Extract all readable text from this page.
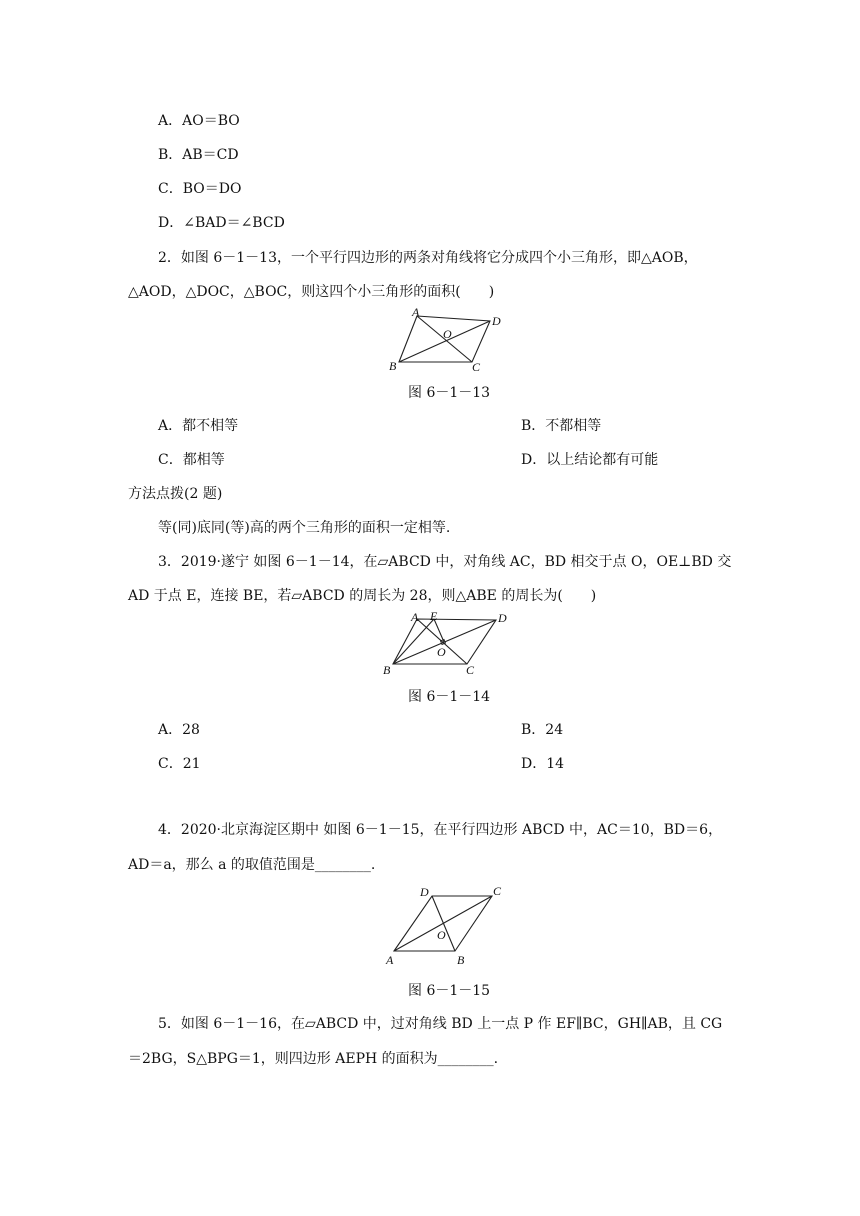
A．AO＝BO
B．AB＝CD
C．BO＝DO
D．∠BAD＝∠BCD
2．如图 6－1－13，一个平行四边形的两条对角线将它分成四个小三角形，即△AOB，
△AOD，△DOC，△BOC，则这四个小三角形的面积(　　)
A
D
B	C
O
图 6－1－13
A．都不相等	B．不都相等
C．都相等	D．以上结论都有可能
方法点拨(2 题)
等(同)底同(等)高的两个三角形的面积一定相等.
3．2019·遂宁 如图 6－1－14，在▱ABCD 中，对角线 AC，BD 相交于点 O，OE⊥BD 交
AD 于点 E，连接 BE，若▱ABCD 的周长为 28，则△ABE 的周长为(　　)
A E	D
B	C
O
图 6－1－14
A．28	B．24
C．21	D．14
4．2020·北京海淀区期中 如图 6－1－15，在平行四边形 ABCD 中，AC＝10，BD＝6，
AD＝a，那么 a 的取值范围是________.
D	C
A	B
O
图 6－1－15
5．如图 6－1－16，在▱ABCD 中，过对角线 BD 上一点 P 作 EF∥BC，GH∥AB，且 CG
＝2BG，S△BPG＝1，则四边形 AEPH 的面积为________.
